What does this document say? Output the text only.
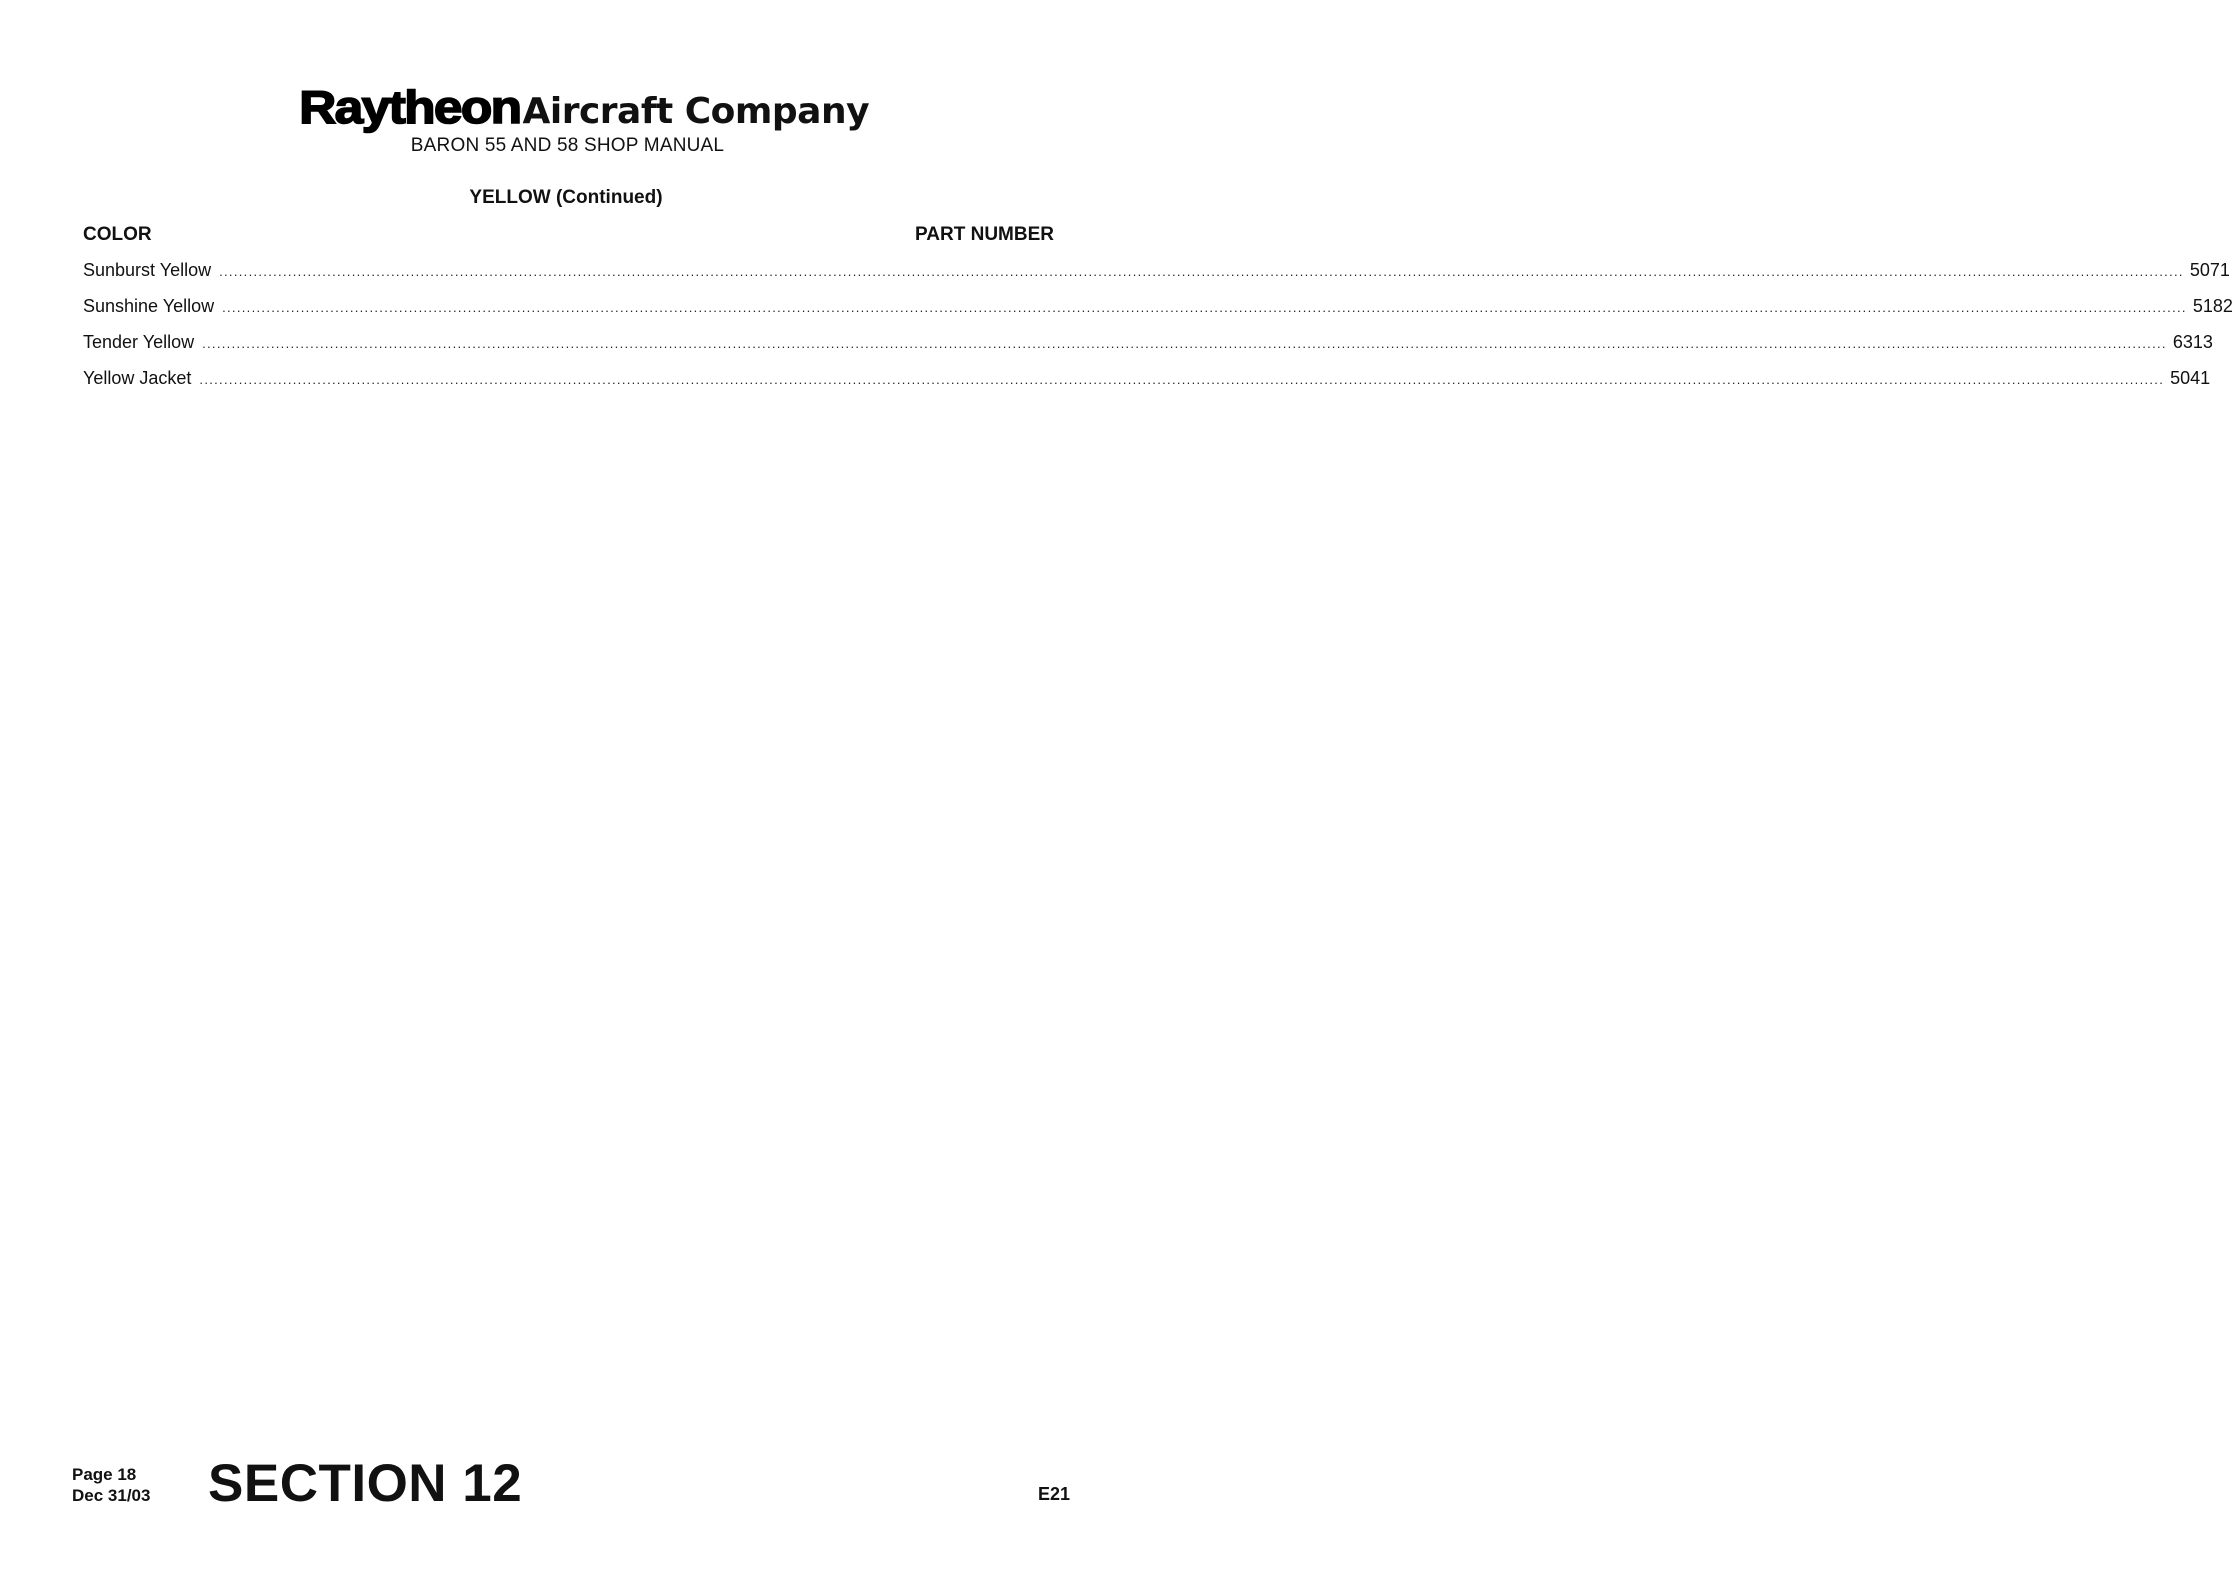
Raytheon Aircraft Company
BARON 55 AND 58 SHOP MANUAL
YELLOW (Continued)
COLOR	PART NUMBER
Sunburst Yellow ................................................................................................................................................................................................................................................................................................................................................................................................................ 5071
Sunshine Yellow ................................................................................................................................................................................................................................................................................................................................................................................................................ 5182
Tender Yellow ................................................................................................................................................................................................................................................................................................................................................................................................................ 6313
Yellow Jacket ................................................................................................................................................................................................................................................................................................................................................................................................................ 5041
Page 18
Dec 31/03 SECTION 12	E21
